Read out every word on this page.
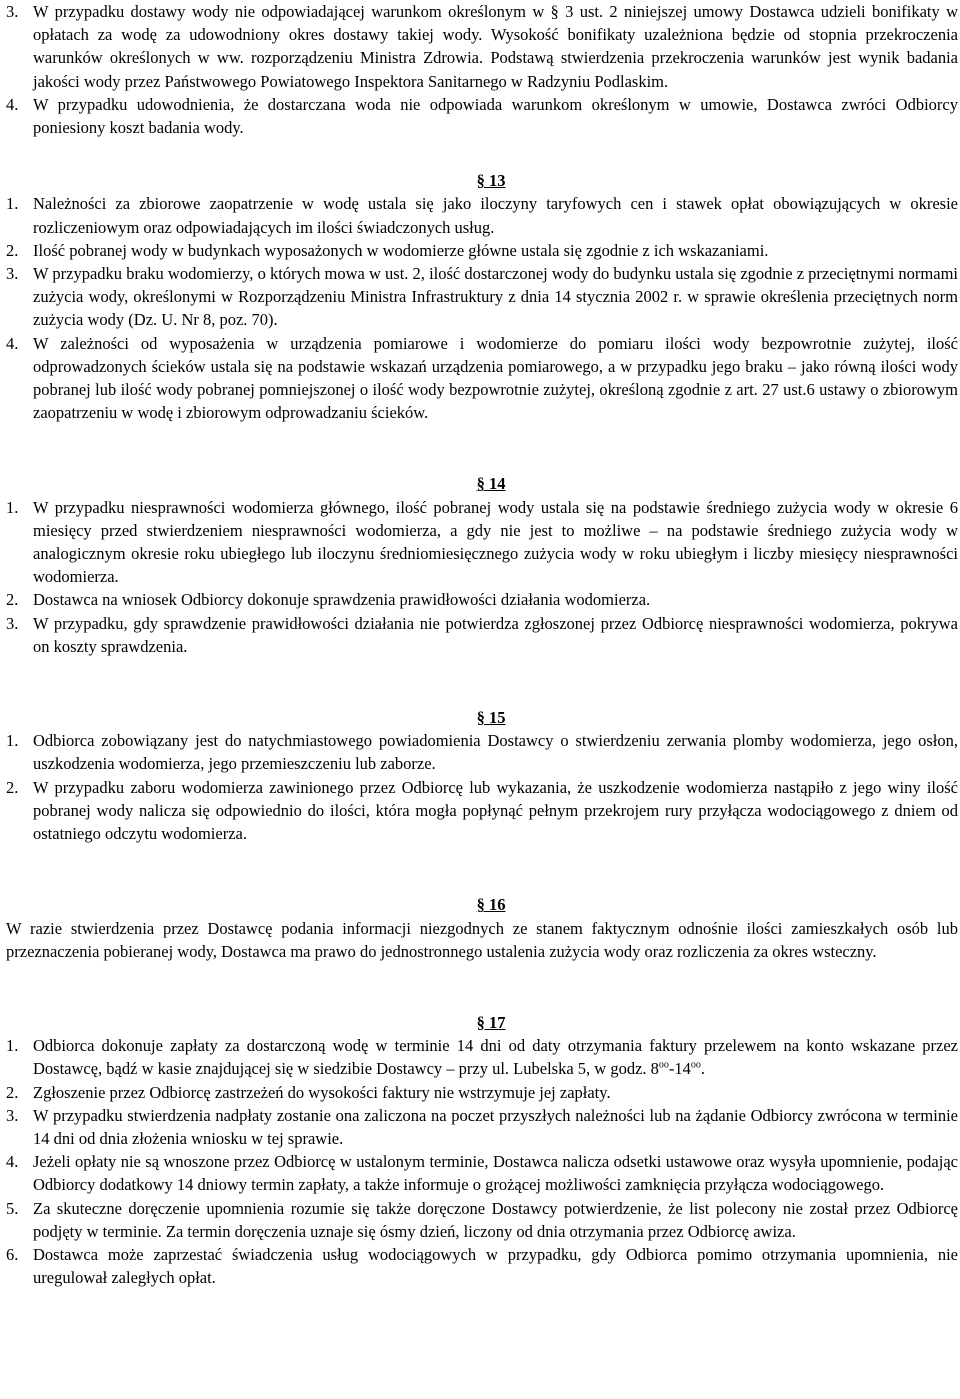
3. W przypadku dostawy wody nie odpowiadającej warunkom określonym w § 3 ust. 2 niniejszej umowy Dostawca udzieli bonifikaty w opłatach za wodę za udowodniony okres dostawy takiej wody. Wysokość bonifikaty uzależniona będzie od stopnia przekroczenia warunków określonych w ww. rozporządzeniu Ministra Zdrowia. Podstawą stwierdzenia przekroczenia warunków jest wynik badania jakości wody przez Państwowego Powiatowego Inspektora Sanitarnego w Radzyniu Podlaskim.
4. W przypadku udowodnienia, że dostarczana woda nie odpowiada warunkom określonym w umowie, Dostawca zwróci Odbiorcy poniesiony koszt badania wody.
§ 13
1. Należności za zbiorowe zaopatrzenie w wodę ustala się jako iloczyny taryfowych cen i stawek opłat obowiązujących w okresie rozliczeniowym oraz odpowiadających im ilości świadczonych usług.
2. Ilość pobranej wody w budynkach wyposażonych w wodomierze główne ustala się zgodnie z ich wskazaniami.
3. W przypadku braku wodomierzy, o których mowa w ust. 2, ilość dostarczonej wody do budynku ustala się zgodnie z przeciętnymi normami zużycia wody, określonymi w Rozporządzeniu Ministra Infrastruktury z dnia 14 stycznia 2002 r. w sprawie określenia przeciętnych norm zużycia wody (Dz. U. Nr 8, poz. 70).
4. W zależności od wyposażenia w urządzenia pomiarowe i wodomierze do pomiaru ilości wody bezpowrotnie zużytej, ilość odprowadzonych ścieków ustala się na podstawie wskazań urządzenia pomiarowego, a w przypadku jego braku – jako równą ilości wody pobranej lub ilość wody pobranej pomniejszonej o ilość wody bezpowrotnie zużytej, określoną zgodnie z art. 27 ust.6 ustawy o zbiorowym zaopatrzeniu w wodę i zbiorowym odprowadzaniu ścieków.
§ 14
1. W przypadku niesprawności wodomierza głównego, ilość pobranej wody ustala się na podstawie średniego zużycia wody w okresie 6 miesięcy przed stwierdzeniem niesprawności wodomierza, a gdy nie jest to możliwe – na podstawie średniego zużycia wody w analogicznym okresie roku ubiegłego lub iloczynu średniomiesięcznego zużycia wody w roku ubiegłym i liczby miesięcy niesprawności wodomierza.
2. Dostawca na wniosek Odbiorcy dokonuje sprawdzenia prawidłowości działania wodomierza.
3. W przypadku, gdy sprawdzenie prawidłowości działania nie potwierdza zgłoszonej przez Odbiorcę niesprawności wodomierza, pokrywa on koszty sprawdzenia.
§ 15
1. Odbiorca zobowiązany jest do natychmiastowego powiadomienia Dostawcy o stwierdzeniu zerwania plomby wodomierza, jego osłon, uszkodzenia wodomierza, jego przemieszczeniu lub zaborze.
2. W przypadku zaboru wodomierza zawinionego przez Odbiorcę lub wykazania, że uszkodzenie wodomierza nastąpiło z jego winy ilość pobranej wody nalicza się odpowiednio do ilości, która mogła popłynąć pełnym przekrojem rury przyłącza wodociągowego z dniem od ostatniego odczytu wodomierza.
§ 16
W razie stwierdzenia przez Dostawcę podania informacji niezgodnych ze stanem faktycznym odnośnie ilości zamieszkałych osób lub przeznaczenia pobieranej wody, Dostawca ma prawo do jednostronnego ustalenia zużycia wody oraz rozliczenia za okres wsteczny.
§ 17
1. Odbiorca dokonuje zapłaty za dostarczoną wodę w terminie 14 dni od daty otrzymania faktury przelewem na konto wskazane przez Dostawcę, bądź w kasie znajdującej się w siedzibie Dostawcy – przy ul. Lubelska 5, w godz. $8^{oo}-14^{oo}$.
2. Zgłoszenie przez Odbiorcę zastrzeżeń do wysokości faktury nie wstrzymuje jej zapłaty.
3. W przypadku stwierdzenia nadpłaty zostanie ona zaliczona na poczet przyszłych należności lub na żądanie Odbiorcy zwrócona w terminie 14 dni od dnia złożenia wniosku w tej sprawie.
4. Jeżeli opłaty nie są wnoszone przez Odbiorcę w ustalonym terminie, Dostawca nalicza odsetki ustawowe oraz wysyła upomnienie, podając Odbiorcy dodatkowy 14 dniowy termin zapłaty, a także informuje o grożącej możliwości zamknięcia przyłącza wodociągowego.
5. Za skuteczne doręczenie upomnienia rozumie się także doręczone Dostawcy potwierdzenie, że list polecony nie został przez Odbiorcę podjęty w terminie. Za termin doręczenia uznaje się ósmy dzień, liczony od dnia otrzymania przez Odbiorcę awiza.
6. Dostawca może zaprzestać świadczenia usług wodociągowych w przypadku, gdy Odbiorca pomimo otrzymania upomnienia, nie uregulował zaległych opłat.
